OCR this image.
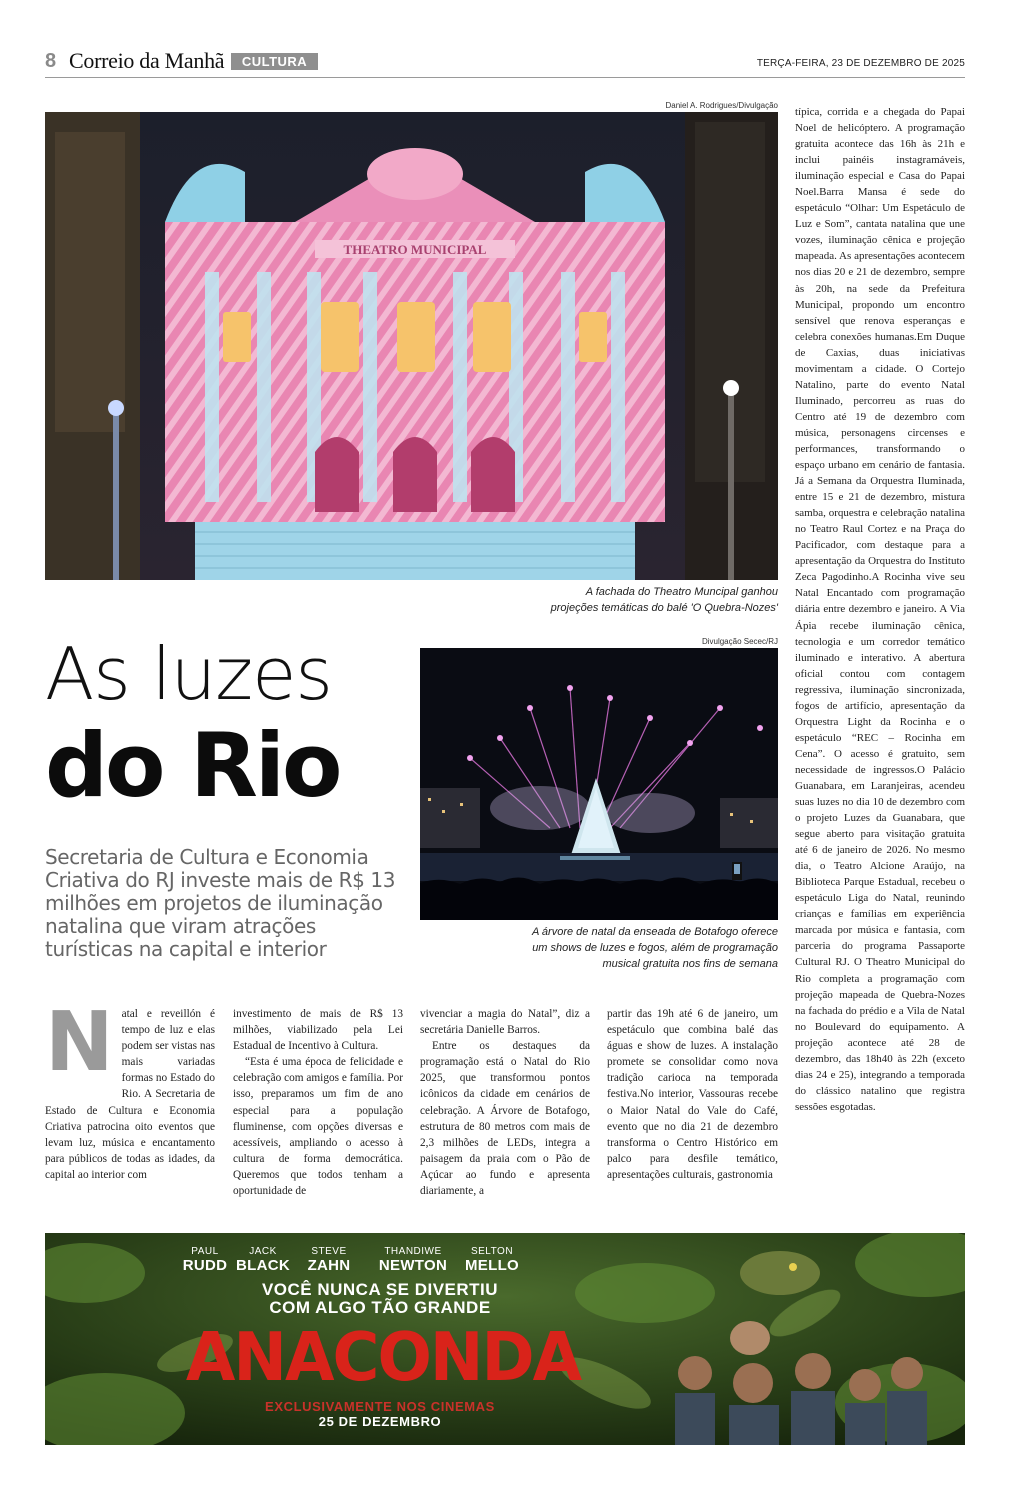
8 Correio da Manhã	CULTURA	TERÇA-FEIRA, 23 DE DEZEMBRO DE 2025
Daniel A. Rodrigues/Divulgação
THEATRO MUNICIPAL
A fachada do Theatro Muncipal ganhou
projeções temáticas do balé 'O Quebra-Nozes'
As luzes
do Rio
Secretaria de Cultura e Economia Criativa do RJ investe mais de R$ 13 milhões em projetos de iluminação natalina que viram atrações turísticas na capital e interior
Divulgação Secec/RJ
A árvore de natal da enseada de Botafogo oferece
um shows de luzes e fogos, além de programação
musical gratuita nos fins de semana
N atal e reveillón é tempo de luz e elas podem ser vistas nas mais variadas formas no Estado do Rio. A Secretaria de Estado de Cultura e Economia Criativa patrocina oito eventos que levam luz, música e encantamento para públicos de todas as idades, da capital ao interior com

investimento de mais de R$ 13 milhões, viabilizado pela Lei Estadual de Incentivo à Cultura.

“Esta é uma época de felicidade e celebração com amigos e família. Por isso, preparamos um fim de ano especial para a população fluminense, com opções diversas e acessíveis, ampliando o acesso à cultura de forma democrática. Queremos que todos tenham a oportunidade de

vivenciar a magia do Natal”, diz a secretária Danielle Barros.

Entre os destaques da programação está o Natal do Rio 2025, que transformou pontos icônicos da cidade em cenários de celebração. A Árvore de Botafogo, estrutura de 80 metros com mais de 2,3 milhões de LEDs, integra a paisagem da praia com o Pão de Açúcar ao fundo e apresenta diariamente, a

partir das 19h até 6 de janeiro, um espetáculo que combina balé das águas e show de luzes. A instalação promete se consolidar como nova tradição carioca na temporada festiva.No interior, Vassouras recebe o Maior Natal do Vale do Café, evento que no dia 21 de dezembro transforma o Centro Histórico em palco para desfile temático, apresentações culturais, gastronomia

típica, corrida e a chegada do Papai Noel de helicóptero. A programação gratuita acontece das 16h às 21h e inclui painéis instagramáveis, iluminação especial e Casa do Papai Noel.Barra Mansa é sede do espetáculo “Olhar: Um Espetáculo de Luz e Som”, cantata natalina que une vozes, iluminação cênica e projeção mapeada. As apresentações acontecem nos dias 20 e 21 de dezembro, sempre às 20h, na sede da Prefeitura Municipal, propondo um encontro sensível que renova esperanças e celebra conexões humanas.Em Duque de Caxias, duas iniciativas movimentam a cidade. O Cortejo Natalino, parte do evento Natal Iluminado, percorreu as ruas do Centro até 19 de dezembro com música, personagens circenses e performances, transformando o espaço urbano em cenário de fantasia. Já a Semana da Orquestra Iluminada, entre 15 e 21 de dezembro, mistura samba, orquestra e celebração natalina no Teatro Raul Cortez e na Praça do Pacificador, com destaque para a apresentação da Orquestra do Instituto Zeca Pagodinho.A Rocinha vive seu Natal Encantado com programação diária entre dezembro e janeiro. A Via Ápia recebe iluminação cênica, tecnologia e um corredor temático iluminado e interativo. A abertura oficial contou com contagem regressiva, iluminação sincronizada, fogos de artifício, apresentação da Orquestra Light da Rocinha e o espetáculo “REC – Rocinha em Cena”. O acesso é gratuito, sem necessidade de ingressos.O Palácio Guanabara, em Laranjeiras, acendeu suas luzes no dia 10 de dezembro com o projeto Luzes da Guanabara, que segue aberto para visitação gratuita até 6 de janeiro de 2026. No mesmo dia, o Teatro Alcione Araújo, na Biblioteca Parque Estadual, recebeu o espetáculo Liga do Natal, reunindo crianças e famílias em experiência marcada por música e fantasia, com parceria do programa Passaporte Cultural RJ. O Theatro Municipal do Rio completa a programação com projeção mapeada de Quebra-Nozes na fachada do prédio e a Vila de Natal no Boulevard do equipamento. A projeção acontece até 28 de dezembro, das 18h40 às 22h (exceto dias 24 e 25), integrando a temporada do clássico natalino que registra sessões esgotadas.

PAUL
RUDD
JACK
BLACK
STEVE
ZAHN
THANDIWE
NEWTON
SELTON
MELLO
VOCÊ NUNCA SE DIVERTIU
COM ALGO TÃO GRANDE
ANACONDA
EXCLUSIVAMENTE NOS CINEMAS
25 DE DEZEMBRO
